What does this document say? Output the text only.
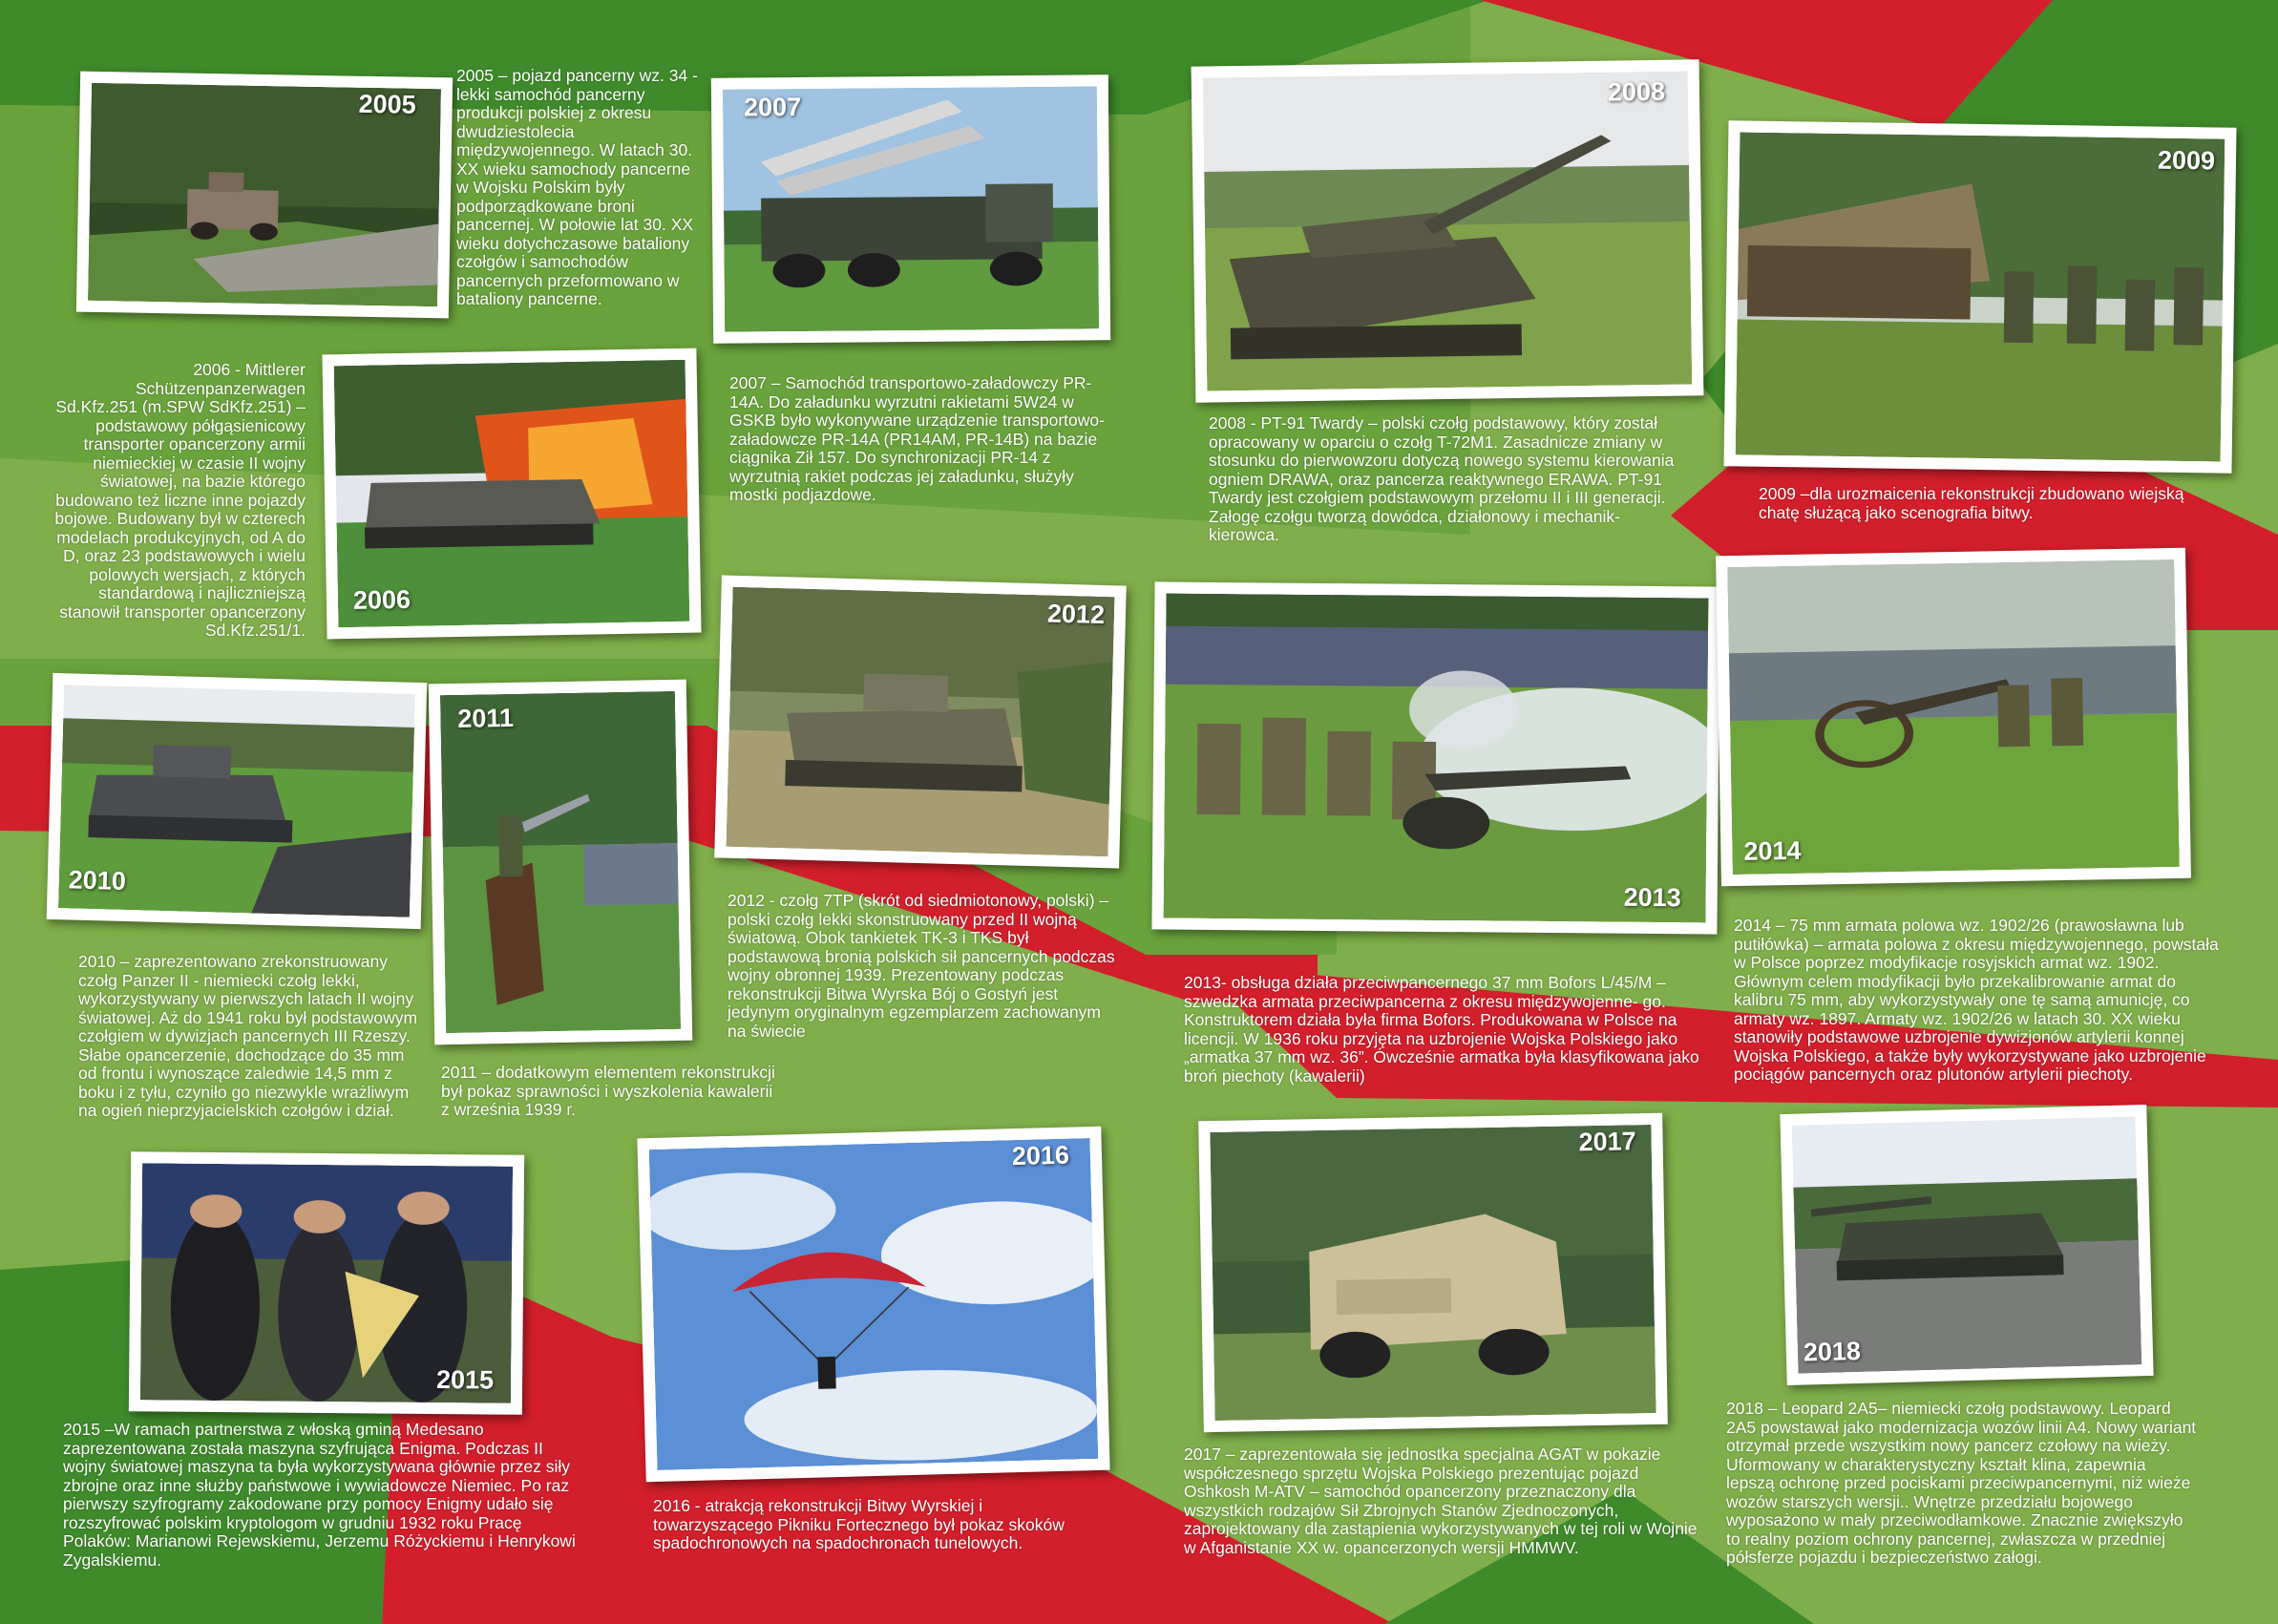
2005	2007
2008
2009
2006
2010
2011
2012
2013
2014
2015
2016	2017
2018

2005 – pojazd pancerny wz. 34 - lekki samochód pancerny produkcji polskiej z okresu dwudziestolecia międzywojennego. W latach 30. XX wieku samochody pancerne w Wojsku Polskim były podporządkowane broni pancernej. W połowie lat 30. XX wieku dotychczasowe bataliony czołgów i samochodów pancernych przeformowano w bataliony pancerne.

2006 - Mittlerer Schützenpanzerwagen Sd.Kfz.251 (m.SPW SdKfz.251) – podstawowy półgąsienicowy transporter opancerzony armii niemieckiej w czasie II wojny światowej, na bazie którego budowano też liczne inne pojazdy bojowe. Budowany był w czterech modelach produkcyjnych, od A do D, oraz 23 podstawowych i wielu polowych wersjach, z których standardową i najliczniejszą stanowił transporter opancerzony Sd.Kfz.251/1.

2007 – Samochód transportowo-załadowczy PR-14A. Do załadunku wyrzutni rakietami 5W24 w GSKB było wykonywane urządzenie transportowo-załadowcze PR-14A (PR14AM, PR-14B) na bazie ciągnika Ził 157. Do synchronizacji PR-14 z wyrzutnią rakiet podczas jej załadunku, służyły mostki podjazdowe.

2008 - PT-91 Twardy – polski czołg podstawowy, który został opracowany w oparciu o czołg T-72M1. Zasadnicze zmiany w stosunku do pierwowzoru dotyczą nowego systemu kierowania ogniem DRAWA, oraz pancerza reaktywnego ERAWA. PT-91 Twardy jest czołgiem podstawowym przełomu II i III generacji. Załogę czołgu tworzą dowódca, działonowy i mechanik-kierowca.

2009 –dla urozmaicenia rekonstrukcji zbudowano wiejską chatę służącą jako scenografia bitwy.

2010 – zaprezentowano zrekonstruowany czołg Panzer II - niemiecki czołg lekki, wykorzystywany w pierwszych latach II wojny światowej. Aż do 1941 roku był podstawowym czołgiem w dywizjach pancernych III Rzeszy. Słabe opancerzenie, dochodzące do 35 mm od frontu i wynoszące zaledwie 14,5 mm z boku i z tyłu, czyniło go niezwykle wrażliwym na ogień nieprzyjacielskich czołgów i dział.

2011 – dodatkowym elementem rekonstrukcji był pokaz sprawności i wyszkolenia kawalerii z września 1939 r.

2012 - czołg 7TP (skrót od siedmiotonowy, polski) – polski czołg lekki skonstruowany przed II wojną światową. Obok tankietek TK-3 i TKS był podstawową bronią polskich sił pancernych podczas wojny obronnej 1939. Prezentowany podczas rekonstrukcji Bitwa Wyrska Bój o Gostyń jest jedynym oryginalnym egzemplarzem zachowanym na świecie

2013- obsługa działa przeciwpancernego 37 mm Bofors L/45/M – szwedzka armata przeciwpancerna z okresu międzywojenne- go. Konstruktorem działa była firma Bofors. Produkowana w Polsce na licencji. W 1936 roku przyjęta na uzbrojenie Wojska Polskiego jako „armatka 37 mm wz. 36”. Ówcześnie armatka była klasyfikowana jako broń piechoty (kawalerii)

2014 – 75 mm armata polowa wz. 1902/26 (prawosławna lub putiłówka) – armata polowa z okresu międzywojennego, powstała w Polsce poprzez modyfikacje rosyjskich armat wz. 1902. Głównym celem modyfikacji było przekalibrowanie armat do kalibru 75 mm, aby wykorzystywały one tę samą amunicję, co armaty wz. 1897. Armaty wz. 1902/26 w latach 30. XX wieku stanowiły podstawowe uzbrojenie dywizjonów artylerii konnej Wojska Polskiego, a także były wykorzystywane jako uzbrojenie pociągów pancernych oraz plutonów artylerii piechoty.

2015 –W ramach partnerstwa z włoską gminą Medesano zaprezentowana została maszyna szyfrująca Enigma. Podczas II wojny światowej maszyna ta była wykorzystywana głównie przez siły zbrojne oraz inne służby państwowe i wywiadowcze Niemiec. Po raz pierwszy szyfrogramy zakodowane przy pomocy Enigmy udało się rozszyfrować polskim kryptologom w grudniu 1932 roku Pracę Polaków: Marianowi Rejewskiemu, Jerzemu Różyckiemu i Henrykowi Zygalskiemu.

2016 - atrakcją rekonstrukcji Bitwy Wyrskiej i towarzyszącego Pikniku Fortecznego był pokaz skoków spadochronowych na spadochronach tunelowych.

2017 – zaprezentowała się jednostka specjalna AGAT w pokazie współczesnego sprzętu Wojska Polskiego prezentując pojazd Oshkosh M-ATV – samochód opancerzony przeznaczony dla wszystkich rodzajów Sił Zbrojnych Stanów Zjednoczonych, zaprojektowany dla zastąpienia wykorzystywanych w tej roli w Wojnie w Afganistanie XX w. opancerzonych wersji HMMWV.

2018 – Leopard 2A5– niemiecki czołg podstawowy. Leopard 2A5 powstawał jako modernizacja wozów linii A4. Nowy wariant otrzymał przede wszystkim nowy pancerz czołowy na wieży. Uformowany w charakterystyczny kształt klina, zapewnia lepszą ochronę przed pociskami przeciwpancernymi, niż wieże wozów starszych wersji.. Wnętrze przedziału bojowego wyposażono w mały przeciwodłamkowe. Znacznie zwiększyło to realny poziom ochrony pancernej, zwłaszcza w przedniej półsferze pojazdu i bezpieczeństwo załogi.
